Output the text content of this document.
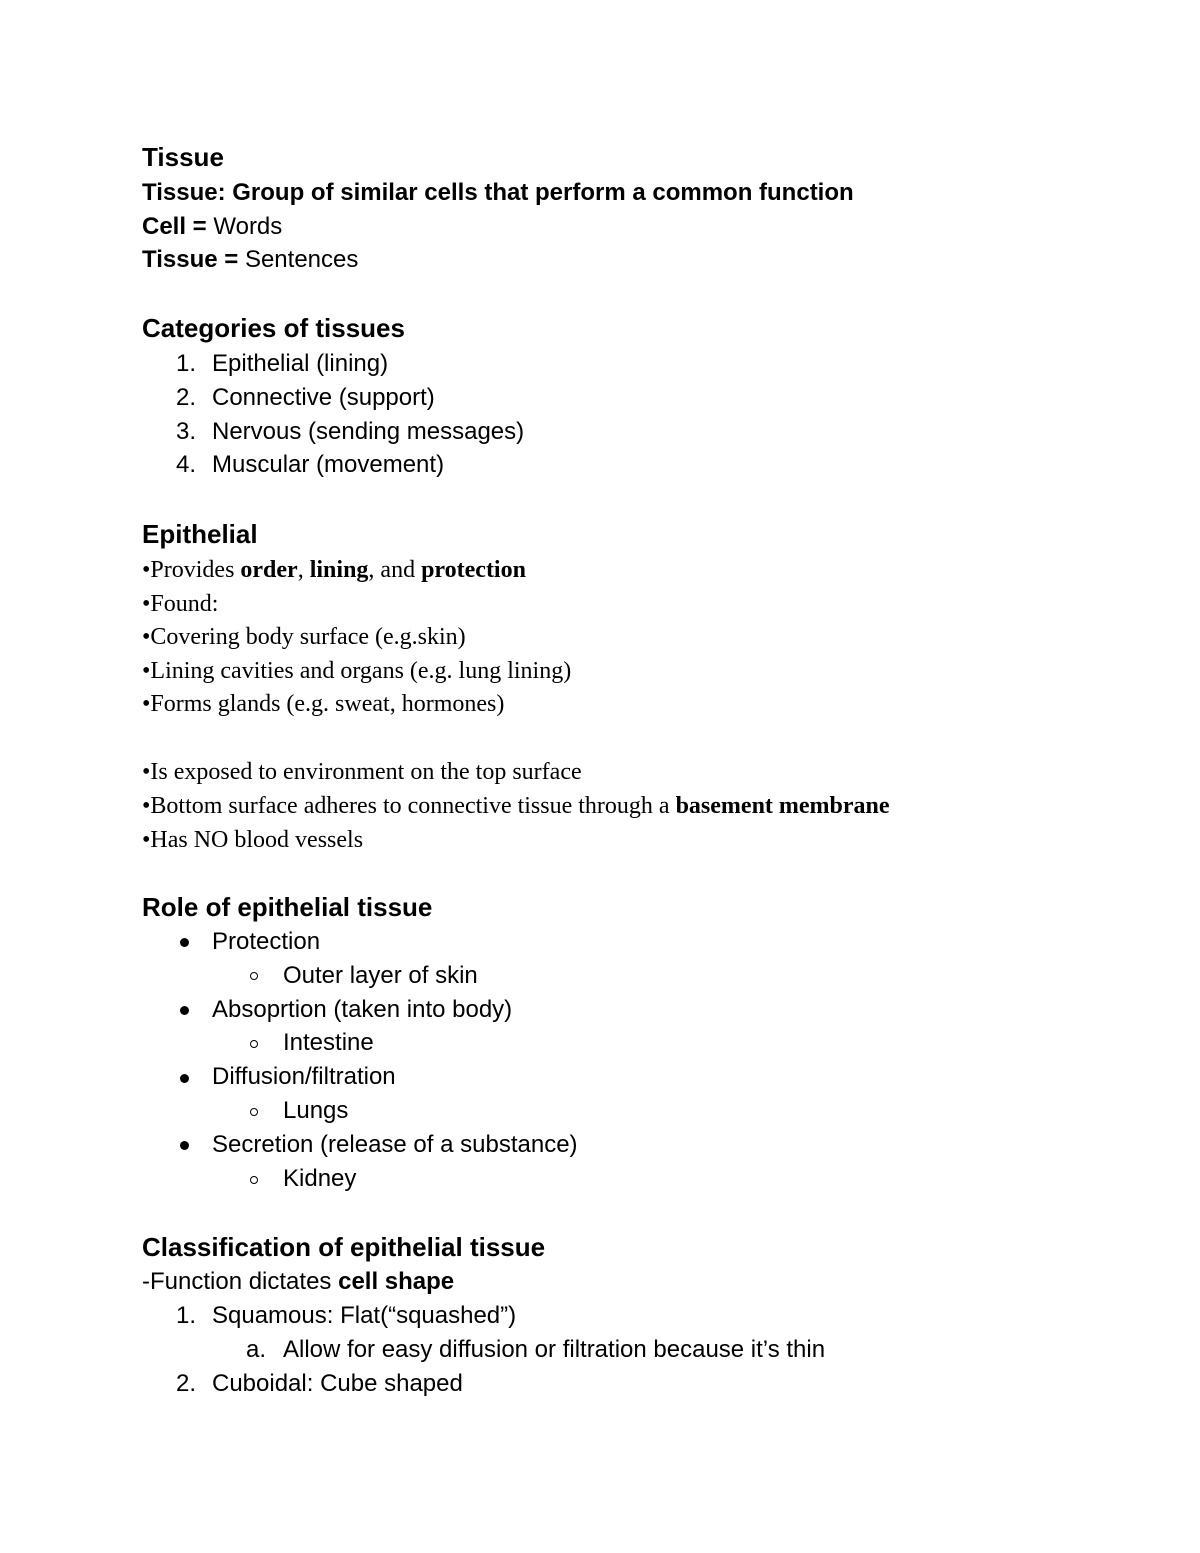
Tissue
Tissue: Group of similar cells that perform a common function
Cell = Words
Tissue = Sentences
Categories of tissues
1. Epithelial (lining)
2. Connective (support)
3. Nervous (sending messages)
4. Muscular (movement)
Epithelial
•Provides order, lining, and protection
•Found:
•Covering body surface (e.g.skin)
•Lining cavities and organs (e.g. lung lining)
•Forms glands (e.g. sweat, hormones)
•Is exposed to environment on the top surface
•Bottom surface adheres to connective tissue through a basement membrane
•Has NO blood vessels
Role of epithelial tissue
Protection
Outer layer of skin
Absoprtion (taken into body)
Intestine
Diffusion/filtration
Lungs
Secretion (release of a substance)
Kidney
Classification of epithelial tissue
-Function dictates cell shape
1. Squamous: Flat(“squashed”)
a. Allow for easy diffusion or filtration because it’s thin
2. Cuboidal: Cube shaped
